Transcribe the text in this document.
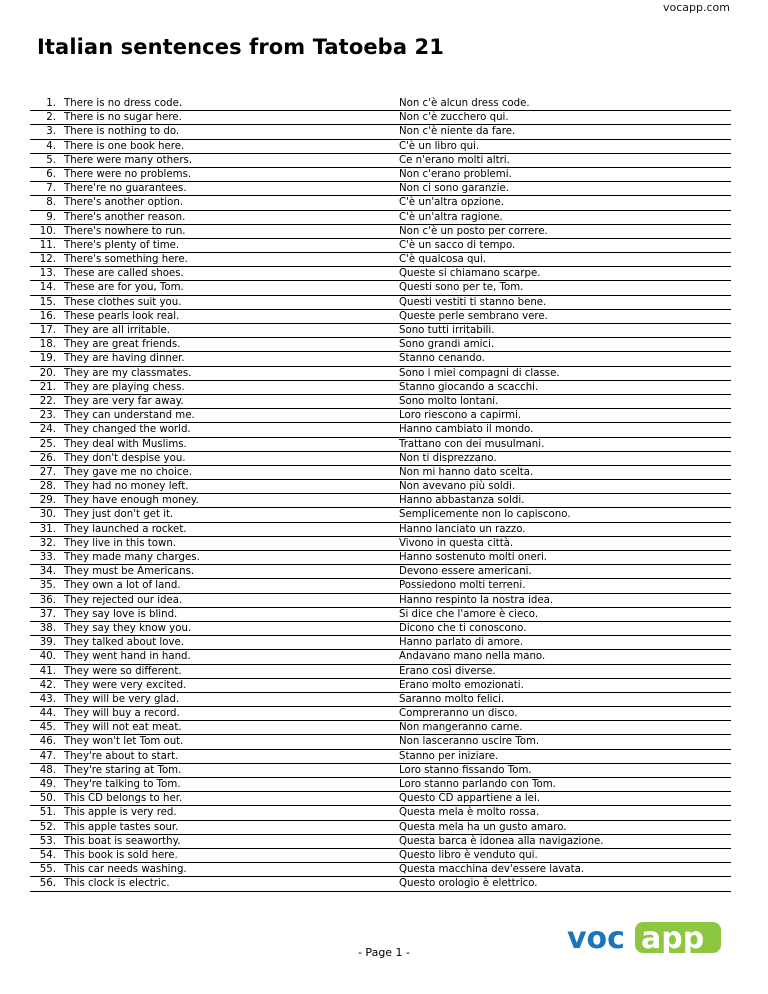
vocapp.com
Italian sentences from Tatoeba 21
1. There is no dress code.	Non c'è alcun dress code.
2. There is no sugar here.	Non c'è zucchero qui.
3. There is nothing to do.	Non c'è niente da fare.
4. There is one book here.	C'è un libro qui.
5. There were many others.	Ce n'erano molti altri.
6. There were no problems.	Non c'erano problemi.
7. There're no guarantees.	Non ci sono garanzie.
8. There's another option.	C'è un'altra opzione.
9. There's another reason.	C'è un'altra ragione.
10. There's nowhere to run.	Non c'è un posto per correre.
11. There's plenty of time.	C'è un sacco di tempo.
12. There's something here.	C'è qualcosa qui.
13. These are called shoes.	Queste si chiamano scarpe.
14. These are for you, Tom.	Questi sono per te, Tom.
15. These clothes suit you.	Questi vestiti ti stanno bene.
16. These pearls look real.	Queste perle sembrano vere.
17. They are all irritable.	Sono tutti irritabili.
18. They are great friends.	Sono grandi amici.
19. They are having dinner.	Stanno cenando.
20. They are my classmates.	Sono i miei compagni di classe.
21. They are playing chess.	Stanno giocando a scacchi.
22. They are very far away.	Sono molto lontani.
23. They can understand me.	Loro riescono a capirmi.
24. They changed the world.	Hanno cambiato il mondo.
25. They deal with Muslims.	Trattano con dei musulmani.
26. They don't despise you.	Non ti disprezzano.
27. They gave me no choice.	Non mi hanno dato scelta.
28. They had no money left.	Non avevano più soldi.
29. They have enough money.	Hanno abbastanza soldi.
30. They just don't get it.	Semplicemente non lo capiscono.
31. They launched a rocket.	Hanno lanciato un razzo.
32. They live in this town.	Vivono in questa città.
33. They made many charges.	Hanno sostenuto molti oneri.
34. They must be Americans.	Devono essere americani.
35. They own a lot of land.	Possiedono molti terreni.
36. They rejected our idea.	Hanno respinto la nostra idea.
37. They say love is blind.	Si dice che l'amore è cieco.
38. They say they know you.	Dicono che ti conoscono.
39. They talked about love.	Hanno parlato di amore.
40. They went hand in hand.	Andavano mano nella mano.
41. They were so different.	Erano così diverse.
42. They were very excited.	Erano molto emozionati.
43. They will be very glad.	Saranno molto felici.
44. They will buy a record.	Compreranno un disco.
45. They will not eat meat.	Non mangeranno carne.
46. They won't let Tom out.	Non lasceranno uscire Tom.
47. They're about to start.	Stanno per iniziare.
48. They're staring at Tom.	Loro stanno fissando Tom.
49. They're talking to Tom.	Loro stanno parlando con Tom.
50. This CD belongs to her.	Questo CD appartiene a lei.
51. This apple is very red.	Questa mela è molto rossa.
52. This apple tastes sour.	Questa mela ha un gusto amaro.
53. This boat is seaworthy.	Questa barca è idonea alla navigazione.
54. This book is sold here.	Questo libro è venduto qui.
55. This car needs washing.	Questa macchina dev'essere lavata.
56. This clock is electric.	Questo orologio è elettrico.
- Page 1 -	voc app
